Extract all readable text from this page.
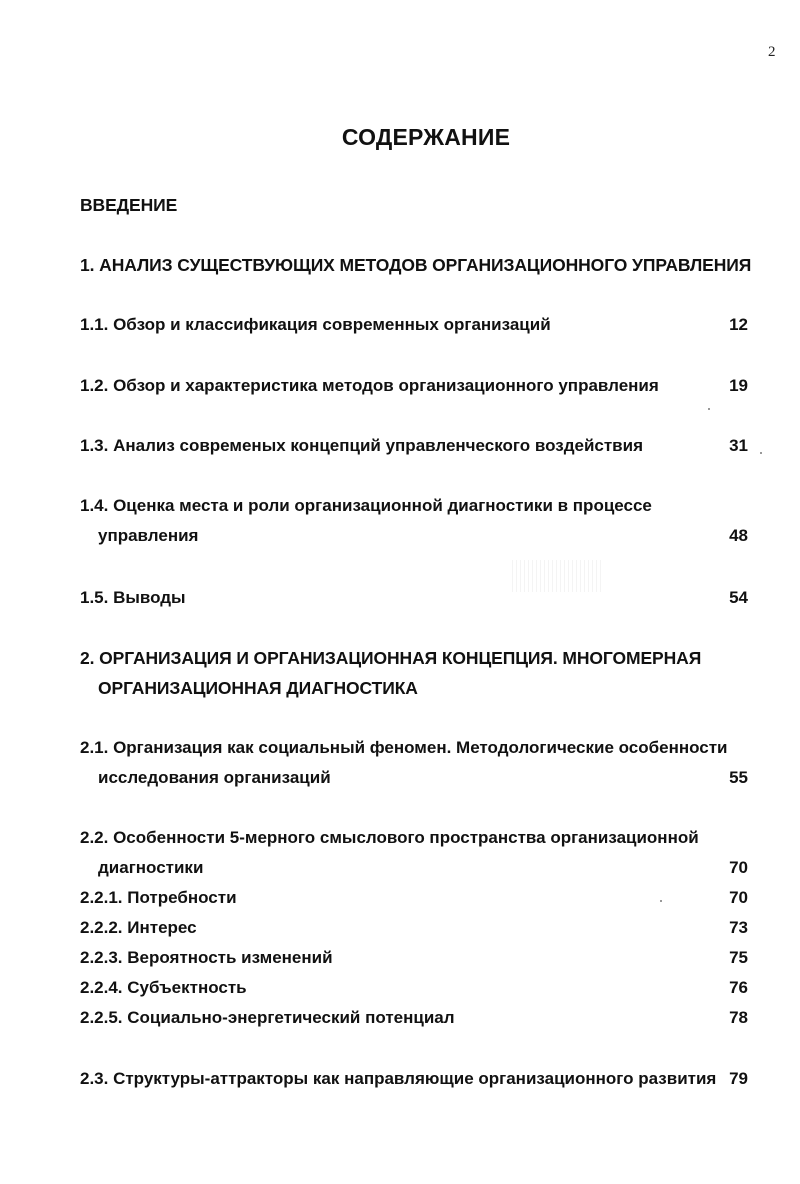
2
СОДЕРЖАНИЕ
ВВЕДЕНИЕ
1. АНАЛИЗ СУЩЕСТВУЮЩИХ МЕТОДОВ ОРГАНИЗАЦИОННОГО УПРАВЛЕНИЯ
1.1. Обзор и классификация современных организаций	12
1.2. Обзор и характеристика методов организационного управления	19
1.3. Анализ современых концепций управленческого воздействия	31
1.4. Оценка места и роли организационной диагностики в процессе
управления	48
1.5. Выводы	54
2. ОРГАНИЗАЦИЯ И ОРГАНИЗАЦИОННАЯ КОНЦЕПЦИЯ. МНОГОМЕРНАЯ
ОРГАНИЗАЦИОННАЯ ДИАГНОСТИКА
2.1. Организация как социальный феномен. Методологические особенности
исследования организаций	55
2.2. Особенности 5-мерного смыслового пространства организационной
диагностики	70
2.2.1. Потребности	70
2.2.2. Интерес	73
2.2.3. Вероятность изменений	75
2.2.4. Субъектность	76
2.2.5. Социально-энергетический потенциал	78
2.3. Структуры-аттракторы как направляющие организационного развития 79
